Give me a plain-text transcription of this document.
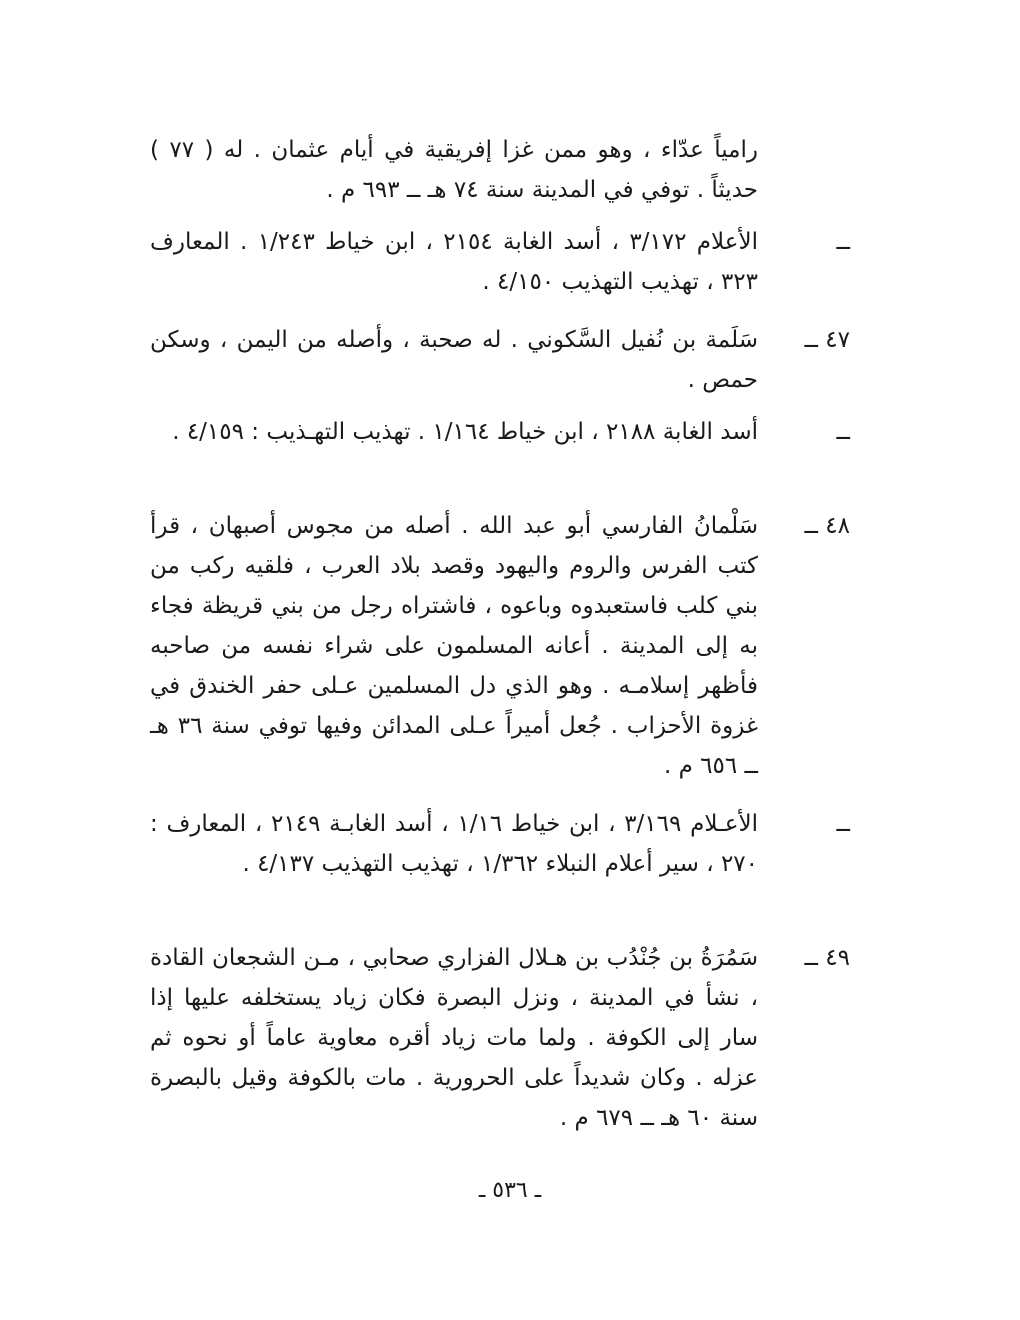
رامياً عدّاء ، وهو ممن غزا إفريقية في أيام عثمان . له ( ٧٧ ) حديثاً . توفي في المدينة سنة ٧٤ هـ ــ ٦٩٣ م .
ــ
الأعلام ٣/١٧٢ ، أسد الغابة ٢١٥٤ ، ابن خياط ١/٢٤٣ . المعارف ٣٢٣ ، تهذيب التهذيب ٤/١٥٠ .
٤٧ ــ
سَلَمة بن نُفيل السَّكوني . له صحبة ، وأصله من اليمن ، وسكن حمص .
ــ
أسد الغابة ٢١٨٨ ، ابن خياط ١/١٦٤ . تهذيب التهـذيب : ٤/١٥٩ .
٤٨ ــ
سَلْمانُ الفارسي أبو عبد الله . أصله من مجوس أصبهان ، قرأ كتب الفرس والروم واليهود وقصد بلاد العرب ، فلقيه ركب من بني كلب فاستعبدوه وباعوه ، فاشتراه رجل من بني قريظة فجاء به إلى المدينة . أعانه المسلمون على شراء نفسه من صاحبه فأظهر إسلامـه . وهو الذي دل المسلمين عـلى حفر الخندق في غزوة الأحزاب . جُعل أميراً عـلى المدائن وفيها توفي سنة ٣٦ هـ ــ ٦٥٦ م .
ــ
الأعـلام ٣/١٦٩ ، ابن خياط ١/١٦ ، أسد الغابـة ٢١٤٩ ، المعارف : ٢٧٠ ، سير أعلام النبلاء ١/٣٦٢ ، تهذيب التهذيب ٤/١٣٧ .
٤٩ ــ
سَمُرَةُ بن جُنْدُب بن هـلال الفزاري صحابي ، مـن الشجعان القادة ، نشأ في المدينة ، ونزل البصرة فكان زياد يستخلفه عليها إذا سار إلى الكوفة . ولما مات زياد أقره معاوية عاماً أو نحوه ثم عزله . وكان شديداً على الحرورية . مات بالكوفة وقيل بالبصرة سنة ٦٠ هـ ــ ٦٧٩ م .
ـ ٥٣٦ ـ
